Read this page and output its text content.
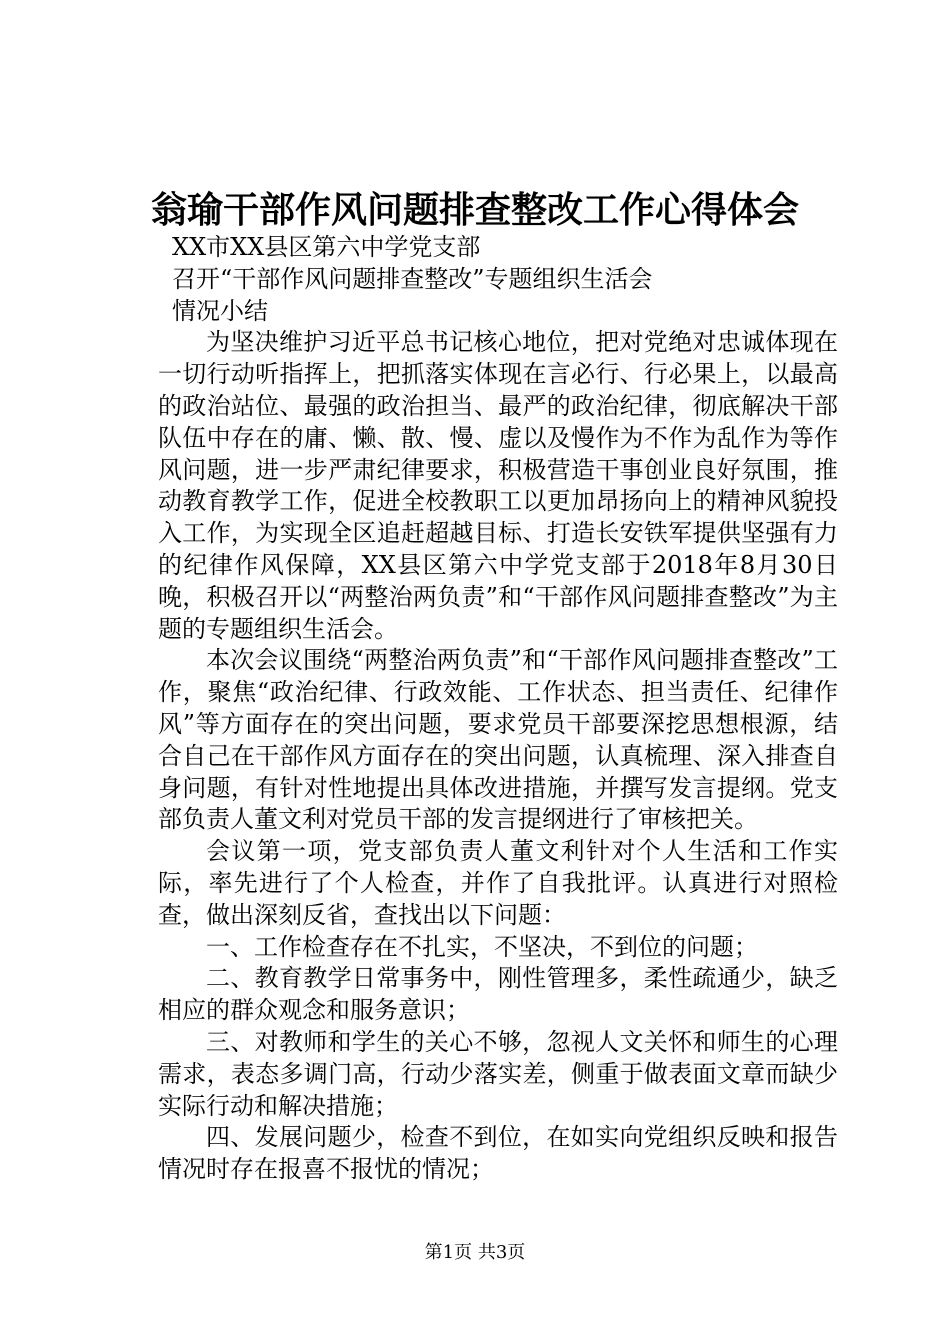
翁瑜干部作风问题排查整改工作心得体会
XX市XX县区第六中学党支部
召开“干部作风问题排查整改”专题组织生活会
情况小结

为坚决维护习近平总书记核心地位，把对党绝对忠诚体现在一切行动听指挥上，把抓落实体现在言必行、行必果上，以最高的政治站位、最强的政治担当、最严的政治纪律，彻底解决干部队伍中存在的庸、懒、散、慢、虚以及慢作为不作为乱作为等作风问题，进一步严肃纪律要求，积极营造干事创业良好氛围，推动教育教学工作，促进全校教职工以更加昂扬向上的精神风貌投入工作，为实现全区追赶超越目标、打造长安铁军提供坚强有力的纪律作风保障，XX县区第六中学党支部于2018年8月30日晚，积极召开以“两整治两负责”和“干部作风问题排查整改”为主题的专题组织生活会。

本次会议围绕“两整治两负责”和“干部作风问题排查整改”工作，聚焦“政治纪律、行政效能、工作状态、担当责任、纪律作风”等方面存在的突出问题，要求党员干部要深挖思想根源，结合自己在干部作风方面存在的突出问题，认真梳理、深入排查自身问题，有针对性地提出具体改进措施，并撰写发言提纲。党支部负责人董文利对党员干部的发言提纲进行了审核把关。

会议第一项，党支部负责人董文利针对个人生活和工作实际，率先进行了个人检查，并作了自我批评。认真进行对照检查，做出深刻反省，查找出以下问题：

一、工作检查存在不扎实，不坚决，不到位的问题；

二、教育教学日常事务中，刚性管理多，柔性疏通少，缺乏相应的群众观念和服务意识；

三、对教师和学生的关心不够，忽视人文关怀和师生的心理需求，表态多调门高，行动少落实差，侧重于做表面文章而缺少实际行动和解决措施；

四、发展问题少，检查不到位，在如实向党组织反映和报告情况时存在报喜不报忧的情况；

第1页 共3页
